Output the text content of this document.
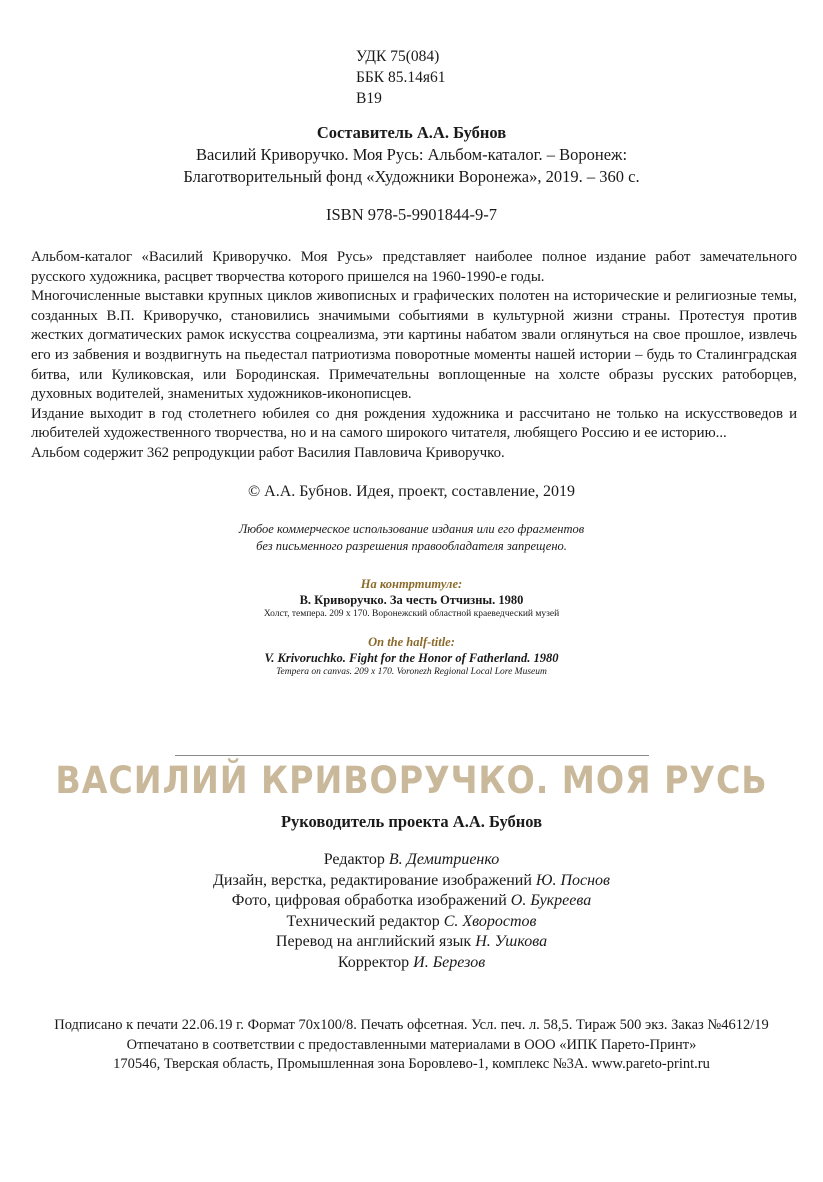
УДК 75(084)
ББК 85.14я61
В19
Составитель А.А. Бубнов
Василий Криворучко. Моя Русь: Альбом-каталог. – Воронеж:
Благотворительный фонд «Художники Воронежа», 2019. – 360 с.
ISBN 978-5-9901844-9-7

Альбом-каталог «Василий Криворучко. Моя Русь» представляет наиболее полное издание работ замечательного русского художника, расцвет творчества которого пришелся на 1960-1990-е годы.

Многочисленные выставки крупных циклов живописных и графических полотен на исторические и религиозные темы, созданных В.П. Криворучко, становились значимыми событиями в культурной жизни страны. Протестуя против жестких догматических рамок искусства соцреализма, эти картины набатом звали оглянуться на свое прошлое, извлечь его из забвения и воздвигнуть на пьедестал патриотизма поворотные моменты нашей истории – будь то Сталинградская битва, или Куликовская, или Бородинская. Примечательны воплощенные на холсте образы русских ратоборцев, духовных водителей, знаменитых художников-иконописцев.

Издание выходит в год столетнего юбилея со дня рождения художника и рассчитано не только на искусствоведов и любителей художественного творчества, но и на самого широкого читателя, любящего Россию и ее историю...

Альбом содержит 362 репродукции работ Василия Павловича Криворучко.

© А.А. Бубнов. Идея, проект, составление, 2019
Любое коммерческое использование издания или его фрагментов
без письменного разрешения правообладателя запрещено.
На контртитуле:
В. Криворучко. За честь Отчизны. 1980
Холст, темпера. 209 х 170. Воронежский областной краеведческий музей
On the half-title:
V. Krivoruchko. Fight for the Honor of Fatherland. 1980
Tempera on canvas. 209 x 170. Voronezh Regional Local Lore Museum
ВАСИЛИЙ КРИВОРУЧКО. МОЯ РУСЬ
Руководитель проекта А.А. Бубнов
Редактор В. Демитриенко
Дизайн, верстка, редактирование изображений Ю. Поснов
Фото, цифровая обработка изображений О. Букреева
Технический редактор С. Хворостов
Перевод на английский язык Н. Ушкова
Корректор И. Березов
Подписано к печати 22.06.19 г. Формат 70х100/8. Печать офсетная. Усл. печ. л. 58,5. Тираж 500 экз. Заказ №4612/19
Отпечатано в соответствии с предоставленными материалами в ООО «ИПК Парето-Принт»
170546, Тверская область, Промышленная зона Боровлево-1, комплекс №3А. www.pareto-print.ru
